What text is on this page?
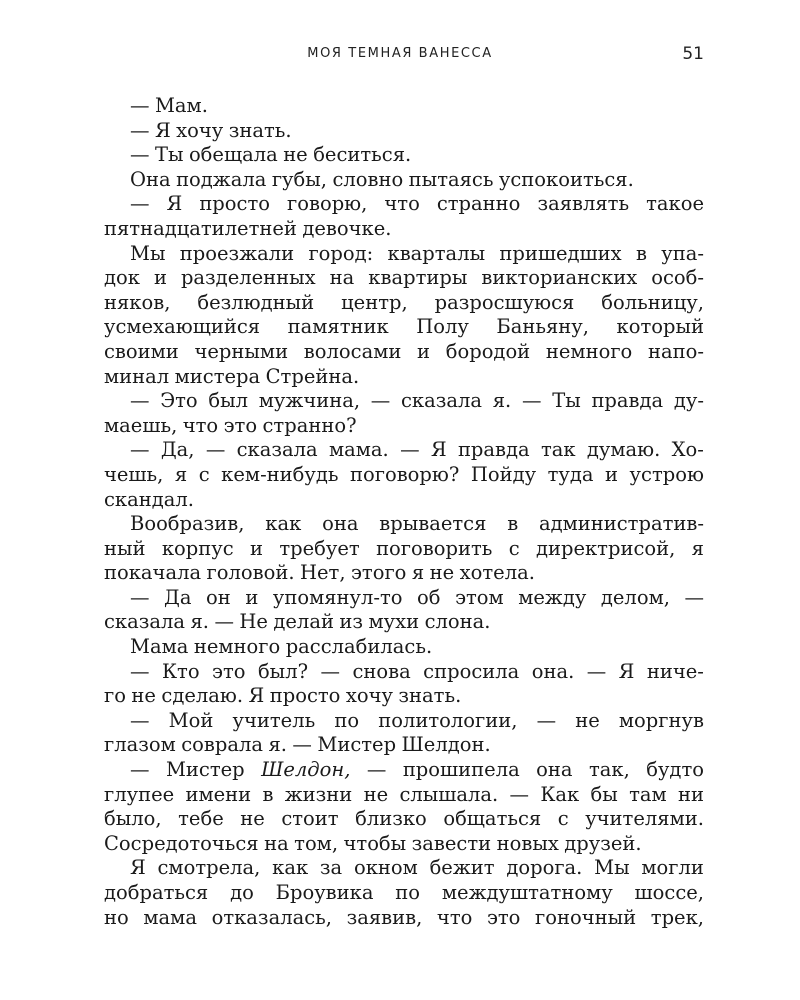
МОЯ ТЕМНАЯ ВАНЕССА	51
— Мам.
— Я хочу знать.
— Ты обещала не беситься.
Она поджала губы, словно пытаясь успокоиться.
— Я просто говорю, что странно заявлять такое
пятнадцатилетней девочке.
Мы проезжали город: кварталы пришедших в упа-
док и разделенных на квартиры викторианских особ-
няков, безлюдный центр, разросшуюся больницу,
усмехающийся памятник Полу Баньяну, который
своими черными волосами и бородой немного напо-
минал мистера Стрейна.
— Это был мужчина, — сказала я. — Ты правда ду-
маешь, что это странно?
— Да, — сказала мама. — Я правда так думаю. Хо-
чешь, я с кем-нибудь поговорю? Пойду туда и устрою
скандал.
Вообразив, как она врывается в административ-
ный корпус и требует поговорить с директрисой, я
покачала головой. Нет, этого я не хотела.
— Да он и упомянул-то об этом между делом, —
сказала я. — Не делай из мухи слона.
Мама немного расслабилась.
— Кто это был? — снова спросила она. — Я ниче-
го не сделаю. Я просто хочу знать.
— Мой учитель по политологии, — не моргнув
глазом соврала я. — Мистер Шелдон.
— Мистер Шелдон, — прошипела она так, будто
глупее имени в жизни не слышала. — Как бы там ни
было, тебе не стоит близко общаться с учителями.
Сосредоточься на том, чтобы завести новых друзей.
Я смотрела, как за окном бежит дорога. Мы могли
добраться до Броувика по междуштатному шоссе,
но мама отказалась, заявив, что это гоночный трек,
